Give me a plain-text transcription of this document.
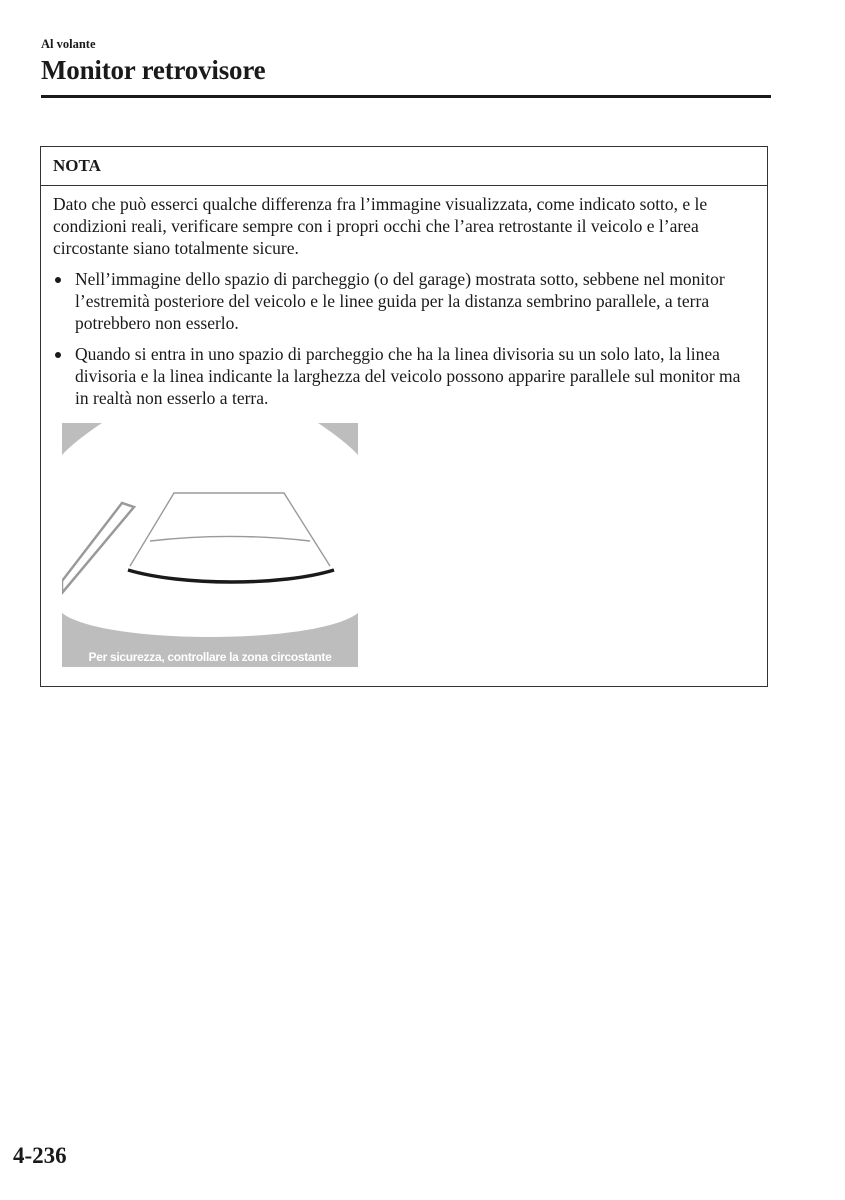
Al volante
Monitor retrovisore
NOTA

Dato che può esserci qualche differenza fra l’immagine visualizzata, come indicato sotto, e le condizioni reali, verificare sempre con i propri occhi che l’area retrostante il veicolo e l’area circostante siano totalmente sicure.

Nell’immagine dello spazio di parcheggio (o del garage) mostrata sotto, sebbene nel monitor l’estremità posteriore del veicolo e le linee guida per la distanza sembrino parallele, a terra potrebbero non esserlo.
Quando si entra in uno spazio di parcheggio che ha la linea divisoria su un solo lato, la linea divisoria e la linea indicante la larghezza del veicolo possono apparire parallele sul monitor ma in realtà non esserlo a terra.
Per sicurezza, controllare la zona circostante
4-236
